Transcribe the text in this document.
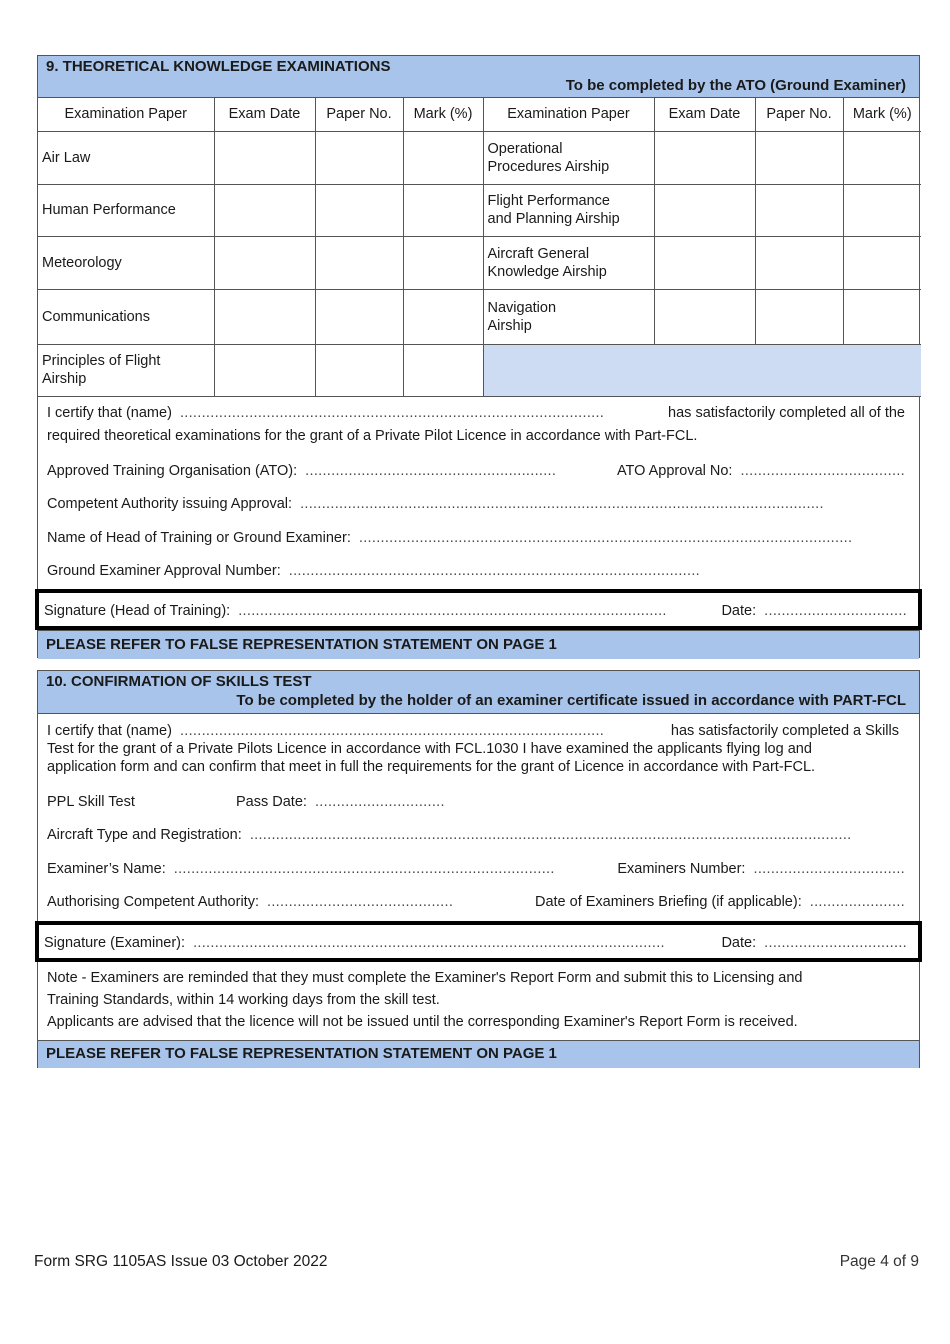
9. THEORETICAL KNOWLEDGE EXAMINATIONS
To be completed by the ATO (Ground Examiner)
Examination Paper	Exam Date	Paper No.	Mark (%)	Examination Paper	Exam Date	Paper No.	Mark (%)
Air Law				Operational Procedures Airship			
Human Performance				Flight Performance and Planning Airship			
Meteorology				Aircraft General Knowledge Airship			
Communications				Navigation Airship			
Principles of Flight Airship							
I certify that (name) ..................................................................................................	has satisfactorily completed all of the
required theoretical examinations for the grant of a Private Pilot Licence in accordance with Part-FCL.
Approved Training Organisation (ATO): ..........................................................	ATO Approval No: ......................................
Competent Authority issuing Approval: .........................................................................................................................
Name of Head of Training or Ground Examiner: ..................................................................................................................
Ground Examiner Approval Number: ...............................................................................................
Signature (Head of Training): ...................................................................................................	Date: .................................
PLEASE REFER TO FALSE REPRESENTATION STATEMENT ON PAGE 1
10. CONFIRMATION OF SKILLS TEST
To be completed by the holder of an examiner certificate issued in accordance with PART-FCL
I certify that (name) ..................................................................................................	has satisfactorily completed a Skills
Test for the grant of a Private Pilots Licence in accordance with FCL.1030 I have examined the applicants flying log and
application form and can confirm that meet in full the requirements for the grant of Licence in accordance with Part-FCL.
PPL Skill Test	Pass Date: ..............................
Aircraft Type and Registration: ...........................................................................................................................................
Examiner’s Name: ........................................................................................	Examiners Number: ...................................
Authorising Competent Authority: ...........................................	Date of Examiners Briefing (if applicable): ......................
Signature (Examiner): .............................................................................................................	Date: .................................
Note - Examiners are reminded that they must complete the Examiner's Report Form and submit this to Licensing and
Training Standards, within 14 working days from the skill test.
Applicants are advised that the licence will not be issued until the corresponding Examiner's Report Form is received.
PLEASE REFER TO FALSE REPRESENTATION STATEMENT ON PAGE 1
Form SRG 1105AS Issue 03 October 2022	Page 4 of 9
